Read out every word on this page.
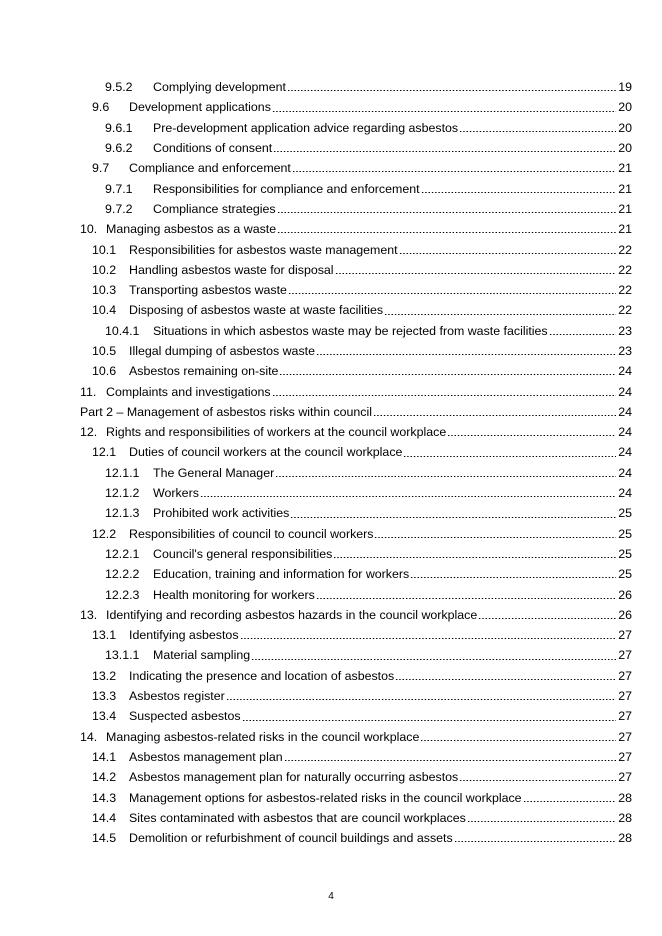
9.5.2	Complying development	19
9.6	Development applications	20
9.6.1	Pre-development application advice regarding asbestos	20
9.6.2	Conditions of consent	20
9.7	Compliance and enforcement	21
9.7.1	Responsibilities for compliance and enforcement	21
9.7.2	Compliance strategies	21
10. Managing asbestos as a waste	21
10.1	Responsibilities for asbestos waste management	22
10.2	Handling asbestos waste for disposal	22
10.3	Transporting asbestos waste	22
10.4	Disposing of asbestos waste at waste facilities	22
10.4.1	Situations in which asbestos waste may be rejected from waste facilities	23
10.5	Illegal dumping of asbestos waste	23
10.6	Asbestos remaining on-site	24
11. Complaints and investigations	24
Part 2 – Management of asbestos risks within council	24
12. Rights and responsibilities of workers at the council workplace	24
12.1	Duties of council workers at the council workplace	24
12.1.1	The General Manager	24
12.1.2	Workers	24
12.1.3	Prohibited work activities	25
12.2	Responsibilities of council to council workers	25
12.2.1	Council's general responsibilities	25
12.2.2	Education, training and information for workers	25
12.2.3	Health monitoring for workers	26
13. Identifying and recording asbestos hazards in the council workplace	26
13.1	Identifying asbestos	27
13.1.1	Material sampling	27
13.2	Indicating the presence and location of asbestos	27
13.3	Asbestos register	27
13.4	Suspected asbestos	27
14. Managing asbestos-related risks in the council workplace	27
14.1	Asbestos management plan	27
14.2	Asbestos management plan for naturally occurring asbestos	27
14.3	Management options for asbestos-related risks in the council workplace	28
14.4	Sites contaminated with asbestos that are council workplaces	28
14.5	Demolition or refurbishment of council buildings and assets	28
4
